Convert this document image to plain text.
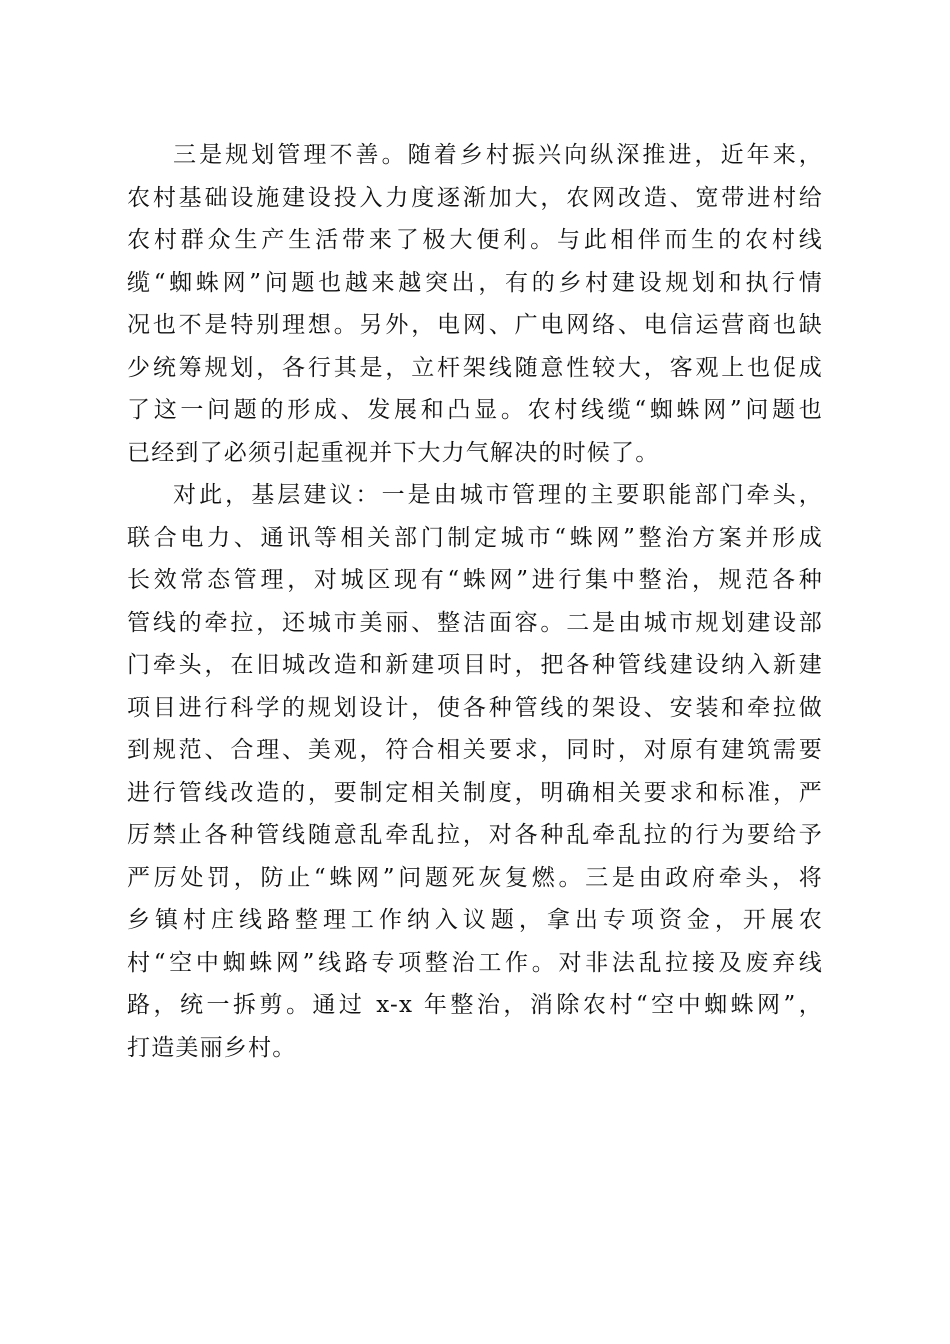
三是规划管理不善。随着乡村振兴向纵深推进，近年来，
农村基础设施建设投入力度逐渐加大，农网改造、宽带进村给
农村群众生产生活带来了极大便利。与此相伴而生的农村线
缆“蜘蛛网”问题也越来越突出，有的乡村建设规划和执行情
况也不是特别理想。另外，电网、广电网络、电信运营商也缺
少统筹规划，各行其是，立杆架线随意性较大，客观上也促成
了这一问题的形成、发展和凸显。农村线缆“蜘蛛网”问题也
已经到了必须引起重视并下大力气解决的时候了。
对此，基层建议：一是由城市管理的主要职能部门牵头，
联合电力、通讯等相关部门制定城市“蛛网”整治方案并形成
长效常态管理，对城区现有“蛛网”进行集中整治，规范各种
管线的牵拉，还城市美丽、整洁面容。二是由城市规划建设部
门牵头，在旧城改造和新建项目时，把各种管线建设纳入新建
项目进行科学的规划设计，使各种管线的架设、安装和牵拉做
到规范、合理、美观，符合相关要求，同时，对原有建筑需要
进行管线改造的，要制定相关制度，明确相关要求和标准，严
厉禁止各种管线随意乱牵乱拉，对各种乱牵乱拉的行为要给予
严厉处罚，防止“蛛网”问题死灰复燃。三是由政府牵头，将
乡镇村庄线路整理工作纳入议题，拿出专项资金，开展农
村“空中蜘蛛网”线路专项整治工作。对非法乱拉接及废弃线
路，统一拆剪。通过 x-x 年整治，消除农村“空中蜘蛛网”，
打造美丽乡村。
